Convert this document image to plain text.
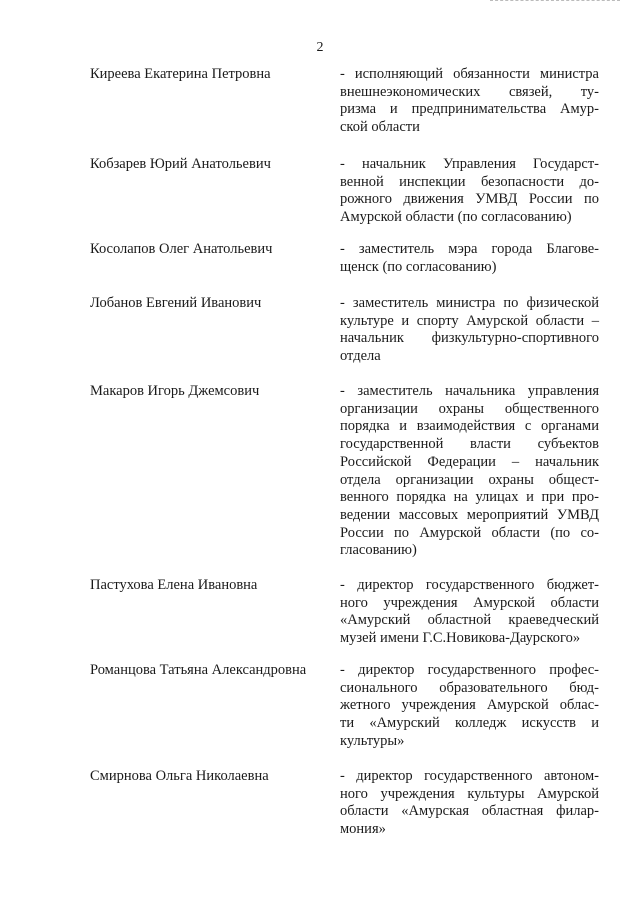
2
Киреева Екатерина Петровна	- исполняющий обязанности министра
внешнеэкономических связей, ту-
ризма и предпринимательства Амур-
ской области
Кобзарев Юрий Анатольевич	- начальник Управления Государст-
венной инспекции безопасности до-
рожного движения УМВД России по
Амурской области (по согласованию)
Косолапов Олег Анатольевич	- заместитель мэра города Благове-
щенск (по согласованию)
Лобанов Евгений Иванович	- заместитель министра по физической
культуре и спорту Амурской области –
начальник физкультурно-спортивного
отдела
Макаров Игорь Джемсович	- заместитель начальника управления
организации охраны общественного
порядка и взаимодействия с органами
государственной власти субъектов
Российской Федерации – начальник
отдела организации охраны общест-
венного порядка на улицах и при про-
ведении массовых мероприятий УМВД
России по Амурской области (по со-
гласованию)
Пастухова Елена Ивановна	- директор государственного бюджет-
ного учреждения Амурской области
«Амурский областной краеведческий
музей имени Г.С.Новикова-Даурского»
Романцова Татьяна Александровна - директор государственного профес-
сионального образовательного бюд-
жетного учреждения Амурской облас-
ти «Амурский колледж искусств и
культуры»
Смирнова Ольга Николаевна	- директор государственного автоном-
ного учреждения культуры Амурской
области «Амурская областная филар-
мония»
